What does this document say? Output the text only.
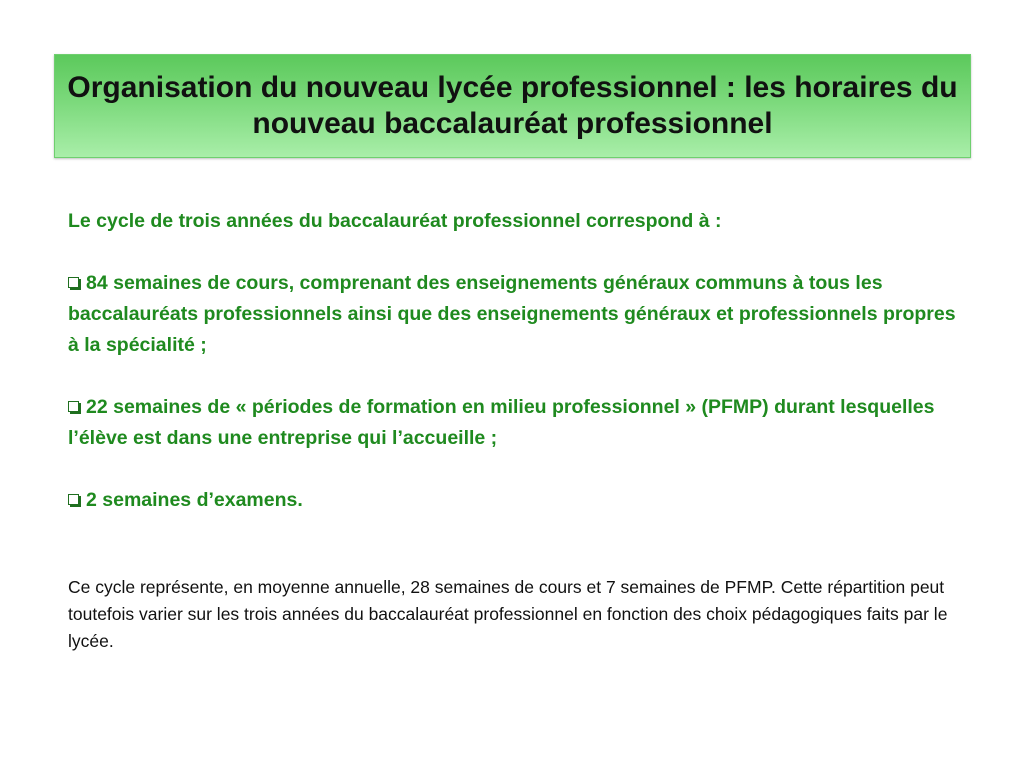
Organisation du nouveau lycée professionnel : les horaires du nouveau baccalauréat professionnel

Le cycle de trois années du baccalauréat professionnel correspond à :

84 semaines de cours, comprenant des enseignements généraux communs à tous les baccalauréats professionnels ainsi que des enseignements généraux et professionnels propres à la spécialité ;

22 semaines de « périodes de formation en milieu professionnel » (PFMP) durant lesquelles l’élève est dans une entreprise qui l’accueille ;

2 semaines d’examens.

Ce cycle représente, en moyenne annuelle, 28 semaines de cours et 7 semaines de PFMP. Cette répartition peut toutefois varier sur les trois années du baccalauréat professionnel en fonction des choix pédagogiques faits par le lycée.
